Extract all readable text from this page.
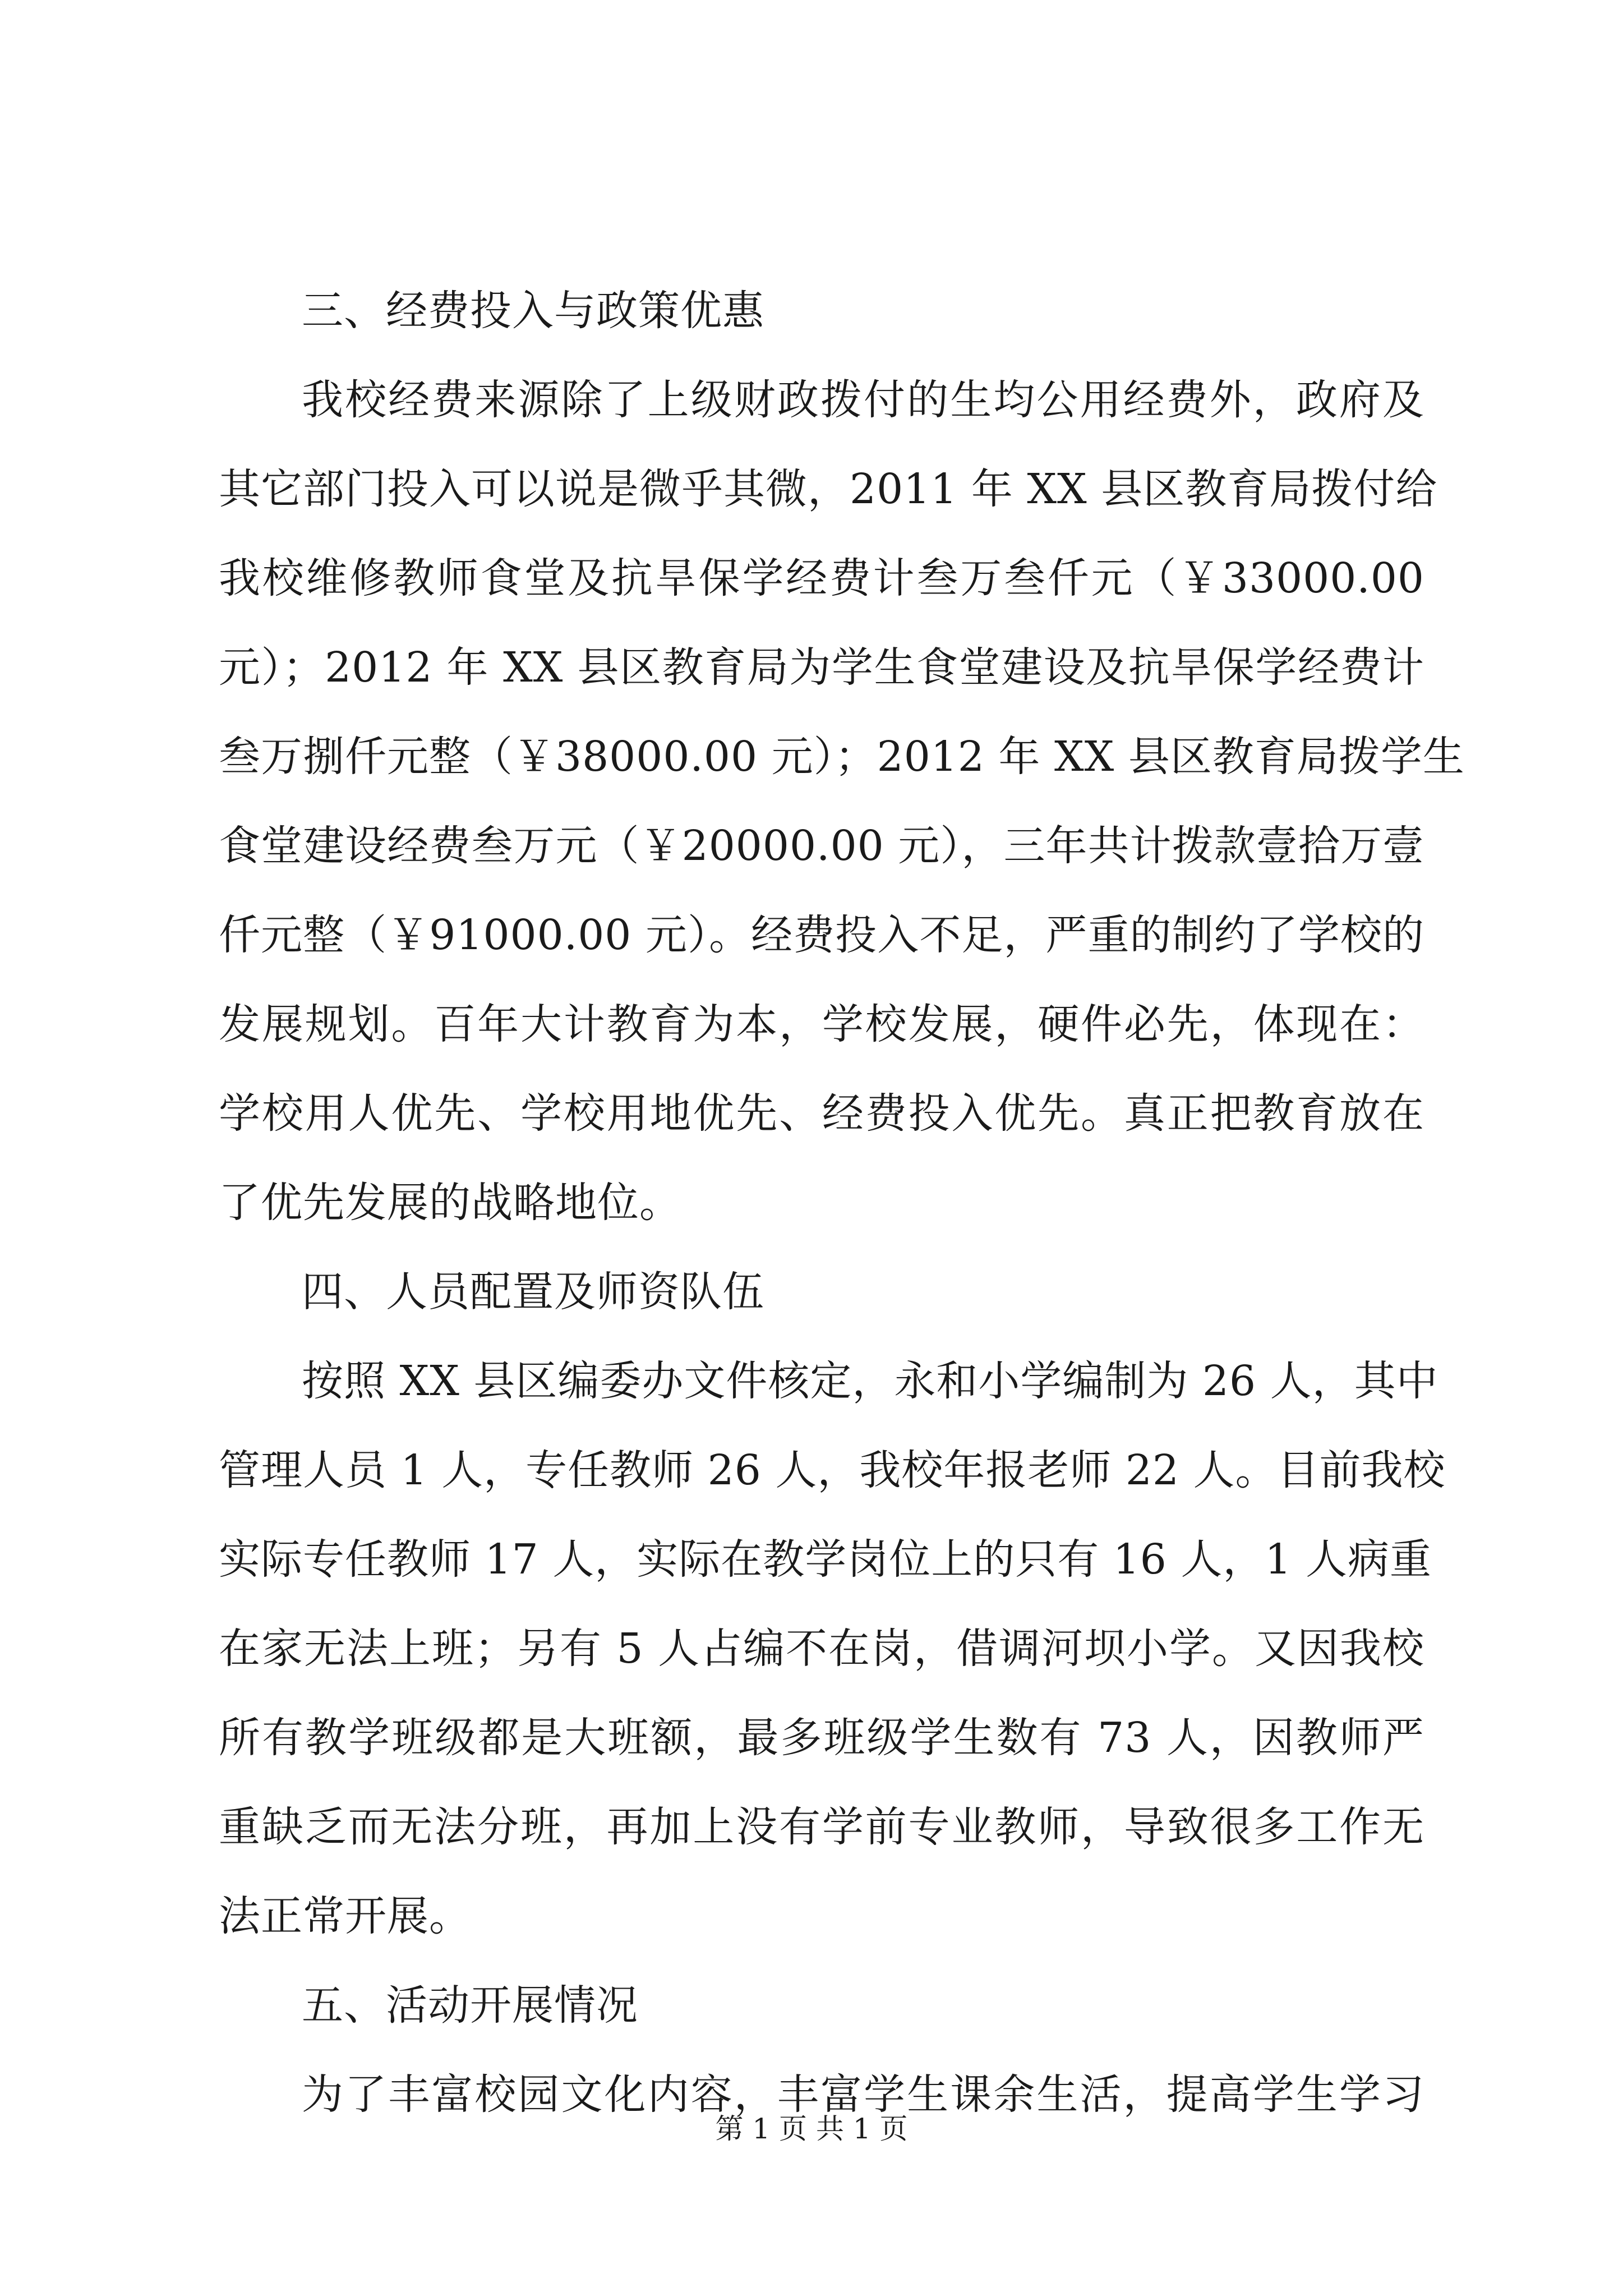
三、经费投入与政策优惠
我校经费来源除了上级财政拨付的生均公用经费外，政府及
其它部门投入可以说是微乎其微，2011 年 XX 县区教育局拨付给
我校维修教师食堂及抗旱保学经费计叁万叁仟元（￥33000.00
元）；2012 年 XX 县区教育局为学生食堂建设及抗旱保学经费计
叁万捌仟元整（￥38000.00 元）；2012 年 XX 县区教育局拨学生
食堂建设经费叁万元（￥20000.00 元），三年共计拨款壹拾万壹
仟元整（￥91000.00 元）。经费投入不足，严重的制约了学校的
发展规划。百年大计教育为本，学校发展，硬件必先，体现在：
学校用人优先、学校用地优先、经费投入优先。真正把教育放在
了优先发展的战略地位。
四、人员配置及师资队伍
按照 XX 县区编委办文件核定，永和小学编制为 26 人，其中
管理人员 1 人，专任教师 26 人，我校年报老师 22 人。目前我校
实际专任教师 17 人，实际在教学岗位上的只有 16 人，1 人病重
在家无法上班；另有 5 人占编不在岗，借调河坝小学。又因我校
所有教学班级都是大班额，最多班级学生数有 73 人，因教师严
重缺乏而无法分班，再加上没有学前专业教师，导致很多工作无
法正常开展。
五、活动开展情况
为了丰富校园文化内容，丰富学生课余生活，提高学生学习
第 1 页 共 1 页
